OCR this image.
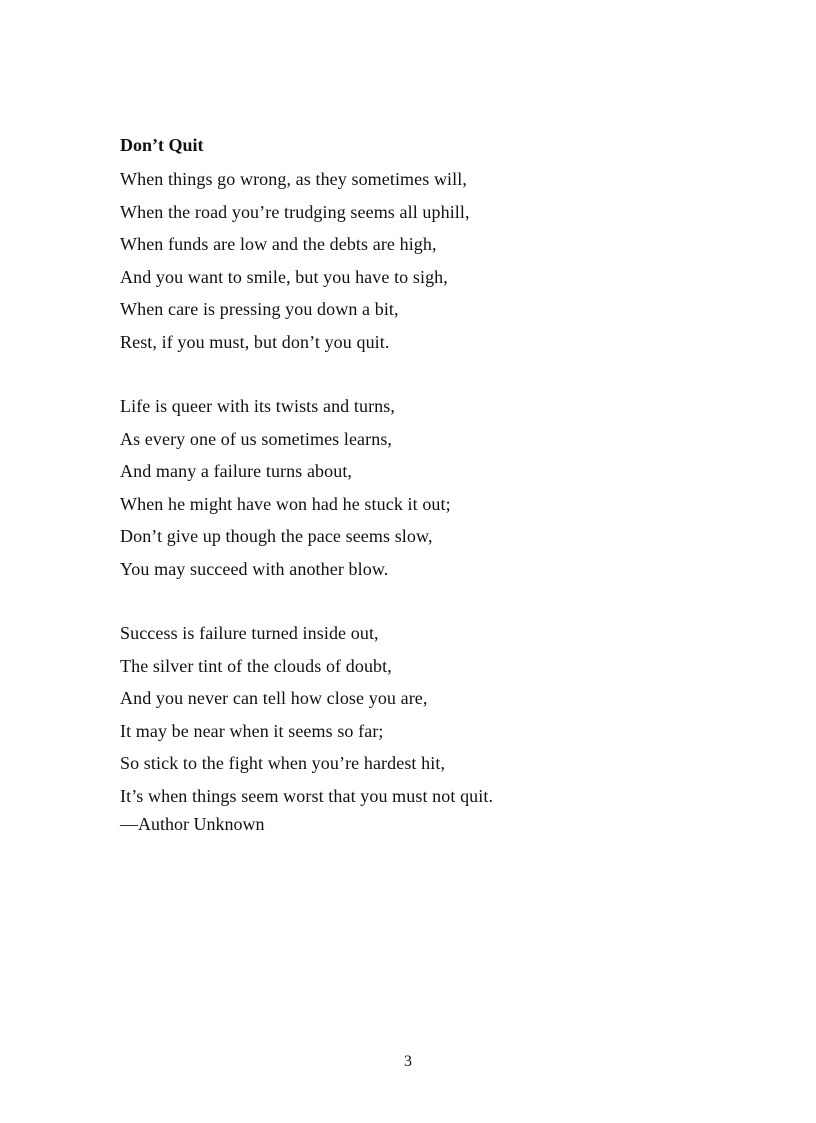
Don’t Quit
When things go wrong, as they sometimes will,
When the road you’re trudging seems all uphill,
When funds are low and the debts are high,
And you want to smile, but you have to sigh,
When care is pressing you down a bit,
Rest, if you must, but don’t you quit.
Life is queer with its twists and turns,
As every one of us sometimes learns,
And many a failure turns about,
When he might have won had he stuck it out;
Don’t give up though the pace seems slow,
You may succeed with another blow.
Success is failure turned inside out,
The silver tint of the clouds of doubt,
And you never can tell how close you are,
It may be near when it seems so far;
So stick to the fight when you’re hardest hit,
It’s when things seem worst that you must not quit.
—Author Unknown
3
